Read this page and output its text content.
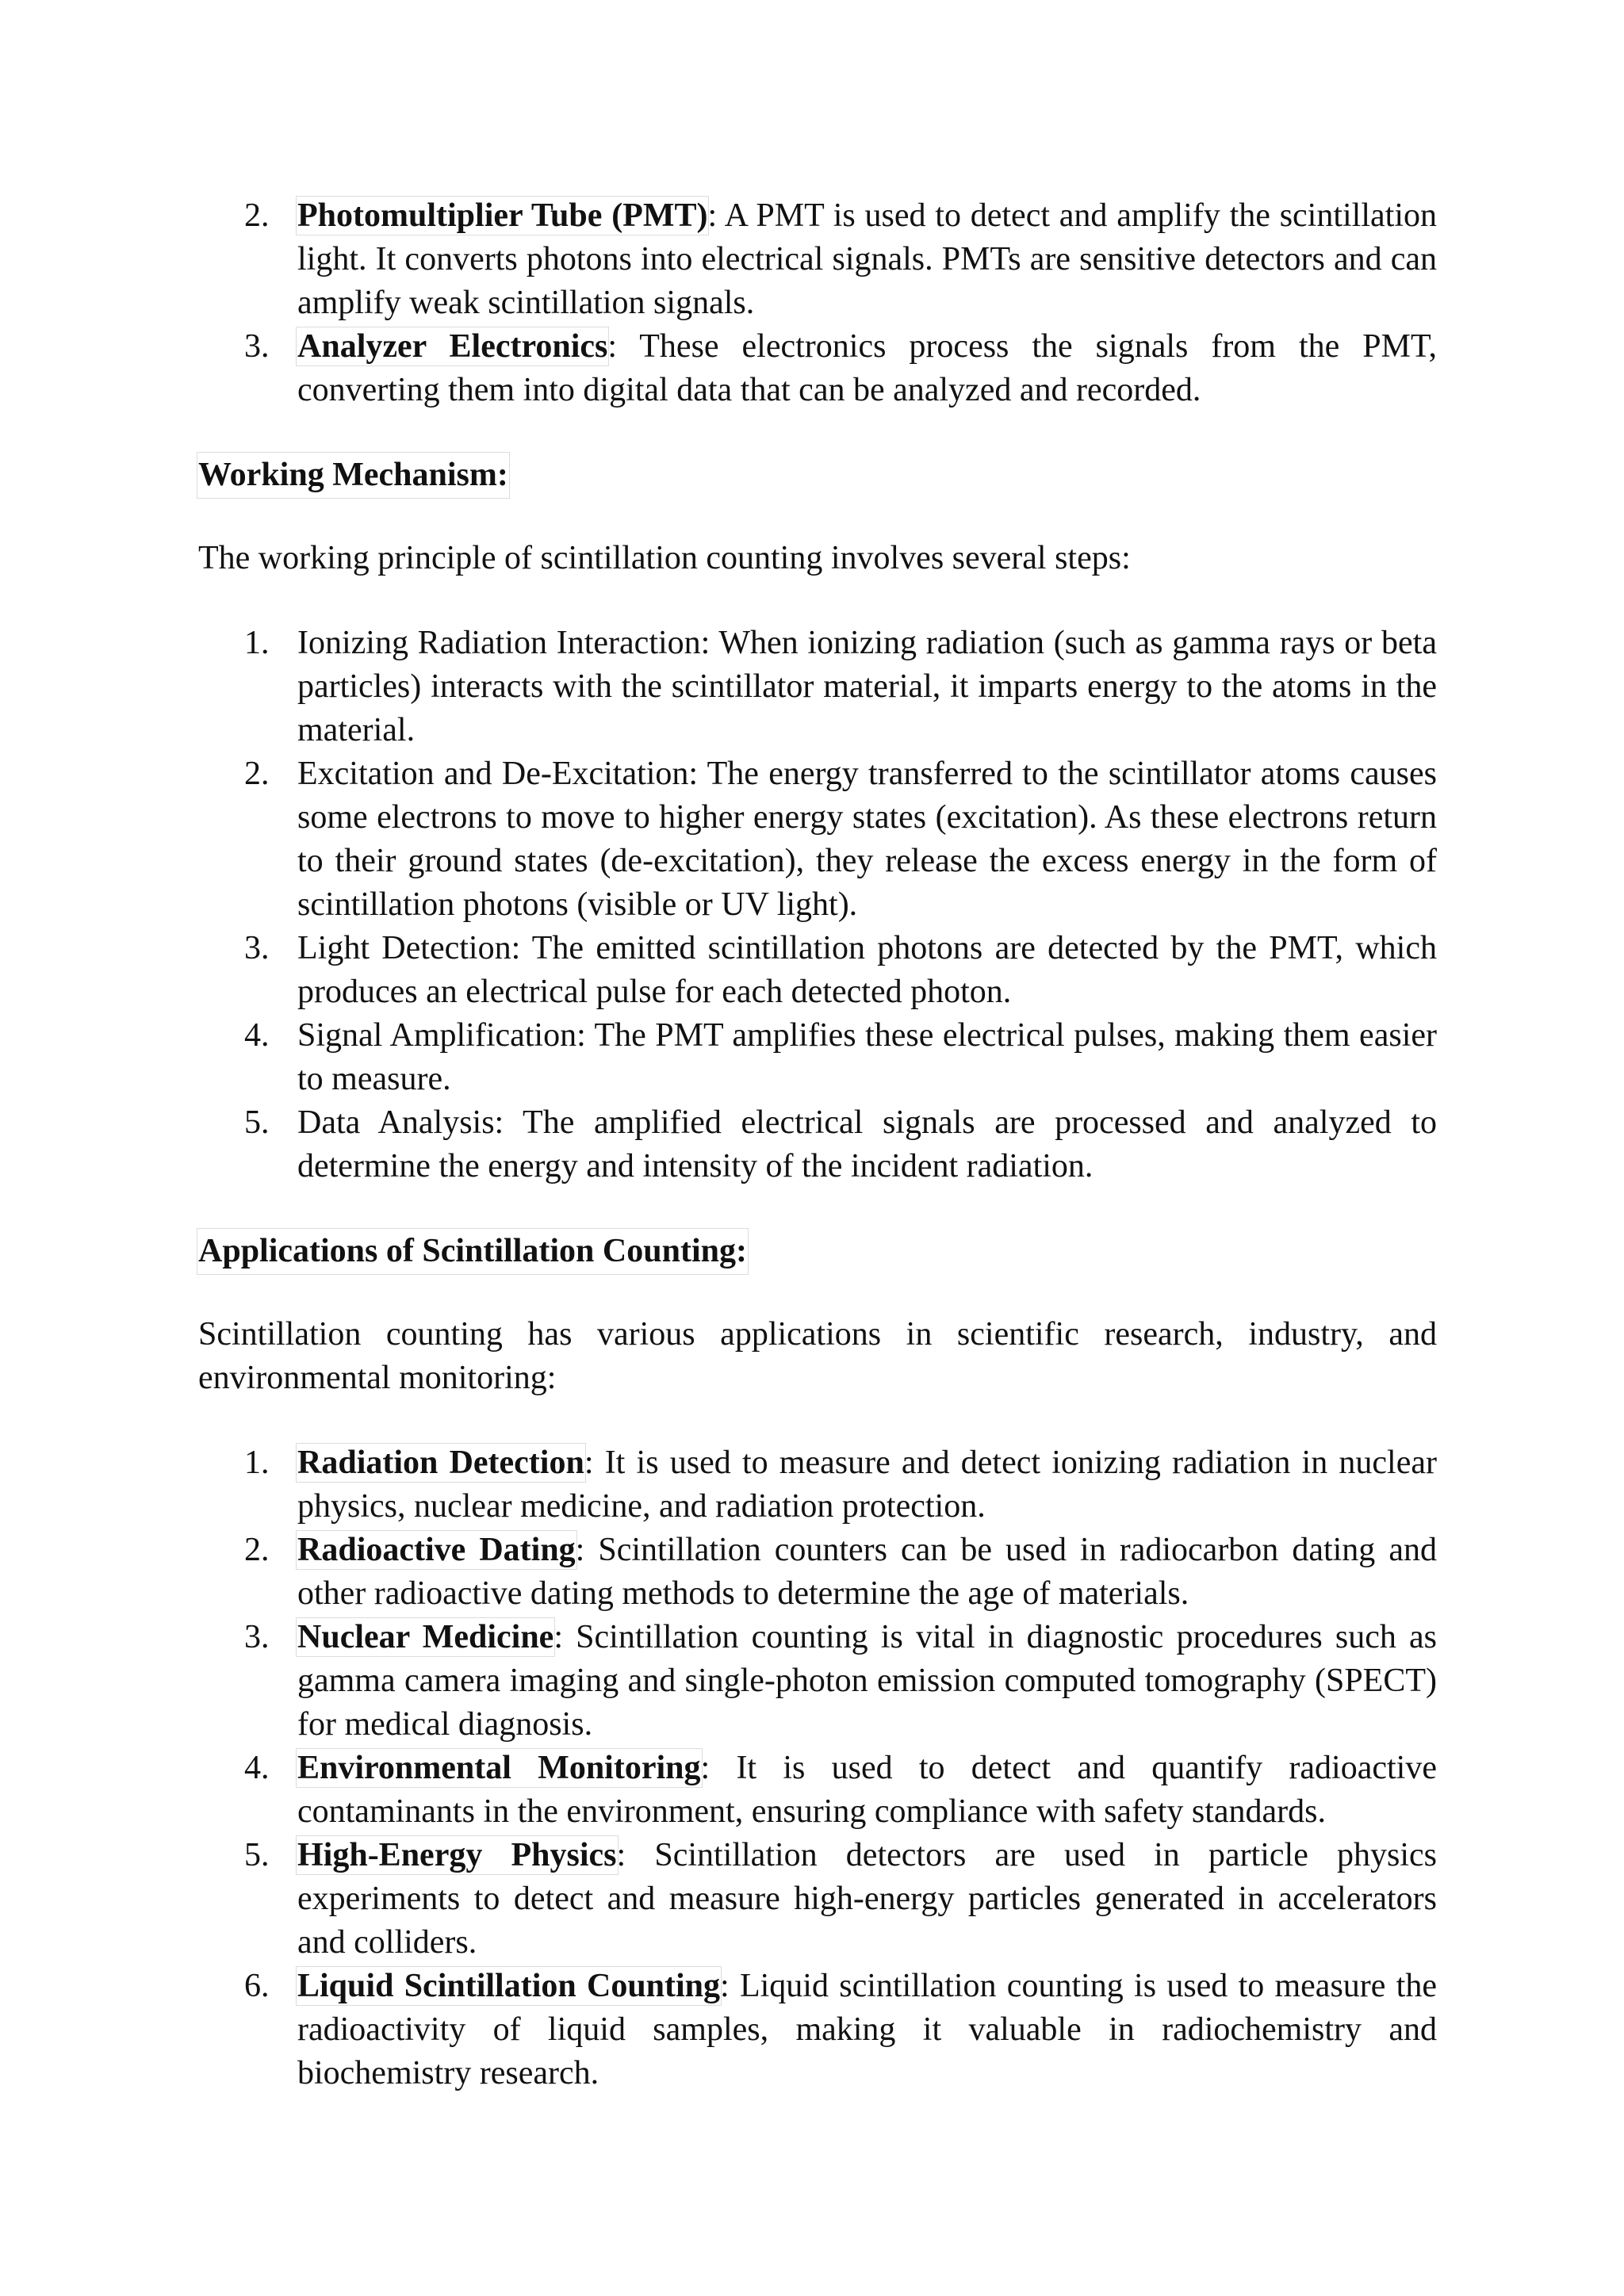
2. Photomultiplier Tube (PMT): A PMT is used to detect and amplify the scintillation light. It converts photons into electrical signals. PMTs are sensitive detectors and can amplify weak scintillation signals.
3. Analyzer Electronics: These electronics process the signals from the PMT, converting them into digital data that can be analyzed and recorded.
Working Mechanism:

The working principle of scintillation counting involves several steps:

1. Ionizing Radiation Interaction: When ionizing radiation (such as gamma rays or beta particles) interacts with the scintillator material, it imparts energy to the atoms in the material.
2. Excitation and De-Excitation: The energy transferred to the scintillator atoms causes some electrons to move to higher energy states (excitation). As these electrons return to their ground states (de-excitation), they release the excess energy in the form of scintillation photons (visible or UV light).
3. Light Detection: The emitted scintillation photons are detected by the PMT, which produces an electrical pulse for each detected photon.
4. Signal Amplification: The PMT amplifies these electrical pulses, making them easier to measure.
5. Data Analysis: The amplified electrical signals are processed and analyzed to determine the energy and intensity of the incident radiation.
Applications of Scintillation Counting:

Scintillation counting has various applications in scientific research, industry, and environmental monitoring:

1. Radiation Detection: It is used to measure and detect ionizing radiation in nuclear physics, nuclear medicine, and radiation protection.
2. Radioactive Dating: Scintillation counters can be used in radiocarbon dating and other radioactive dating methods to determine the age of materials.
3. Nuclear Medicine: Scintillation counting is vital in diagnostic procedures such as gamma camera imaging and single-photon emission computed tomography (SPECT) for medical diagnosis.
4. Environmental Monitoring: It is used to detect and quantify radioactive contaminants in the environment, ensuring compliance with safety standards.
5. High-Energy Physics: Scintillation detectors are used in particle physics experiments to detect and measure high-energy particles generated in accelerators and colliders.
6. Liquid Scintillation Counting: Liquid scintillation counting is used to measure the radioactivity of liquid samples, making it valuable in radiochemistry and biochemistry research.
